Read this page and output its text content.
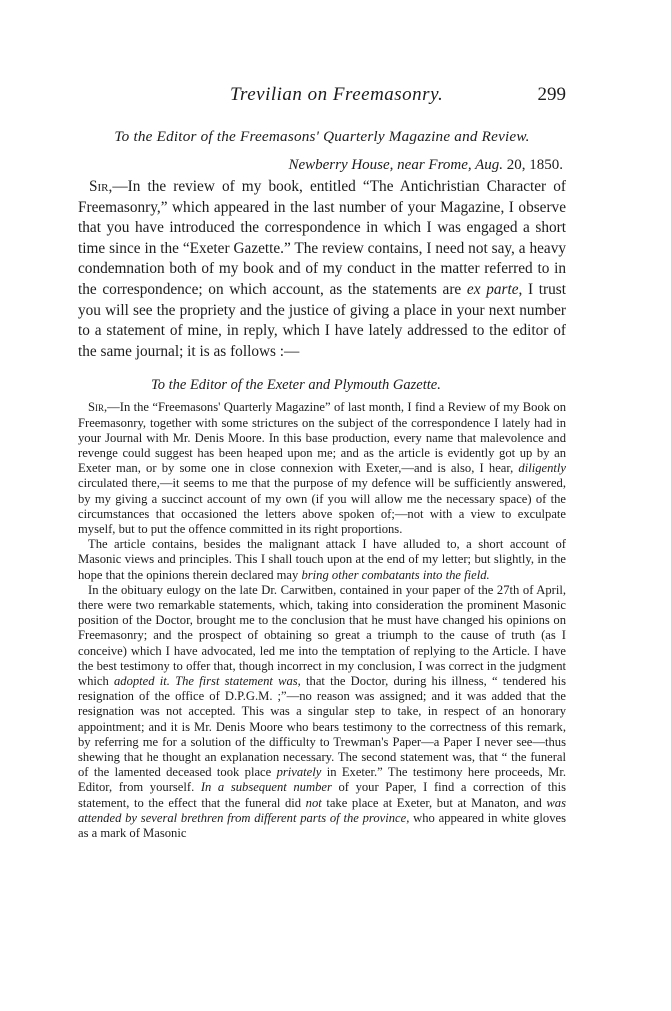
Trevilian on Freemasonry.	299
To the Editor of the Freemasons' Quarterly Magazine and Review.
Newberry House, near Frome, Aug. 20, 1850.

Sir,—In the review of my book, entitled “The Antichristian Character of Freemasonry,” which appeared in the last number of your Magazine, I observe that you have introduced the correspondence in which I was engaged a short time since in the “Exeter Gazette.” The review contains, I need not say, a heavy condemnation both of my book and of my conduct in the matter referred to in the correspondence; on which account, as the statements are ex parte, I trust you will see the propriety and the justice of giving a place in your next number to a statement of mine, in reply, which I have lately addressed to the editor of the same journal; it is as follows :—

To the Editor of the Exeter and Plymouth Gazette.

Sir,—In the “Freemasons' Quarterly Magazine” of last month, I find a Review of my Book on Freemasonry, together with some strictures on the subject of the correspondence I lately had in your Journal with Mr. Denis Moore. In this base production, every name that malevolence and revenge could suggest has been heaped upon me; and as the article is evidently got up by an Exeter man, or by some one in close connexion with Exeter,—and is also, I hear, diligently circulated there,—it seems to me that the purpose of my defence will be sufficiently answered, by my giving a succinct account of my own (if you will allow me the necessary space) of the circumstances that occasioned the letters above spoken of;—not with a view to exculpate myself, but to put the offence committed in its right proportions.

The article contains, besides the malignant attack I have alluded to, a short account of Masonic views and principles. This I shall touch upon at the end of my letter; but slightly, in the hope that the opinions therein declared may bring other combatants into the field.

In the obituary eulogy on the late Dr. Carwitben, contained in your paper of the 27th of April, there were two remarkable statements, which, taking into consideration the prominent Masonic position of the Doctor, brought me to the conclusion that he must have changed his opinions on Freemasonry; and the prospect of obtaining so great a triumph to the cause of truth (as I conceive) which I have advocated, led me into the temptation of replying to the Article. I have the best testimony to offer that, though incorrect in my conclusion, I was correct in the judgment which adopted it. The first statement was, that the Doctor, during his illness, “ tendered his resignation of the office of D.P.G.M. ;”—no reason was assigned; and it was added that the resignation was not accepted. This was a singular step to take, in respect of an honorary appointment; and it is Mr. Denis Moore who bears testimony to the correctness of this remark, by referring me for a solution of the difficulty to Trewman's Paper—a Paper I never see—thus shewing that he thought an explanation necessary. The second statement was, that “ the funeral of the lamented deceased took place privately in Exeter.” The testimony here proceeds, Mr. Editor, from yourself. In a subsequent number of your Paper, I find a correction of this statement, to the effect that the funeral did not take place at Exeter, but at Manaton, and was attended by several brethren from different parts of the province, who appeared in white gloves as a mark of Masonic
